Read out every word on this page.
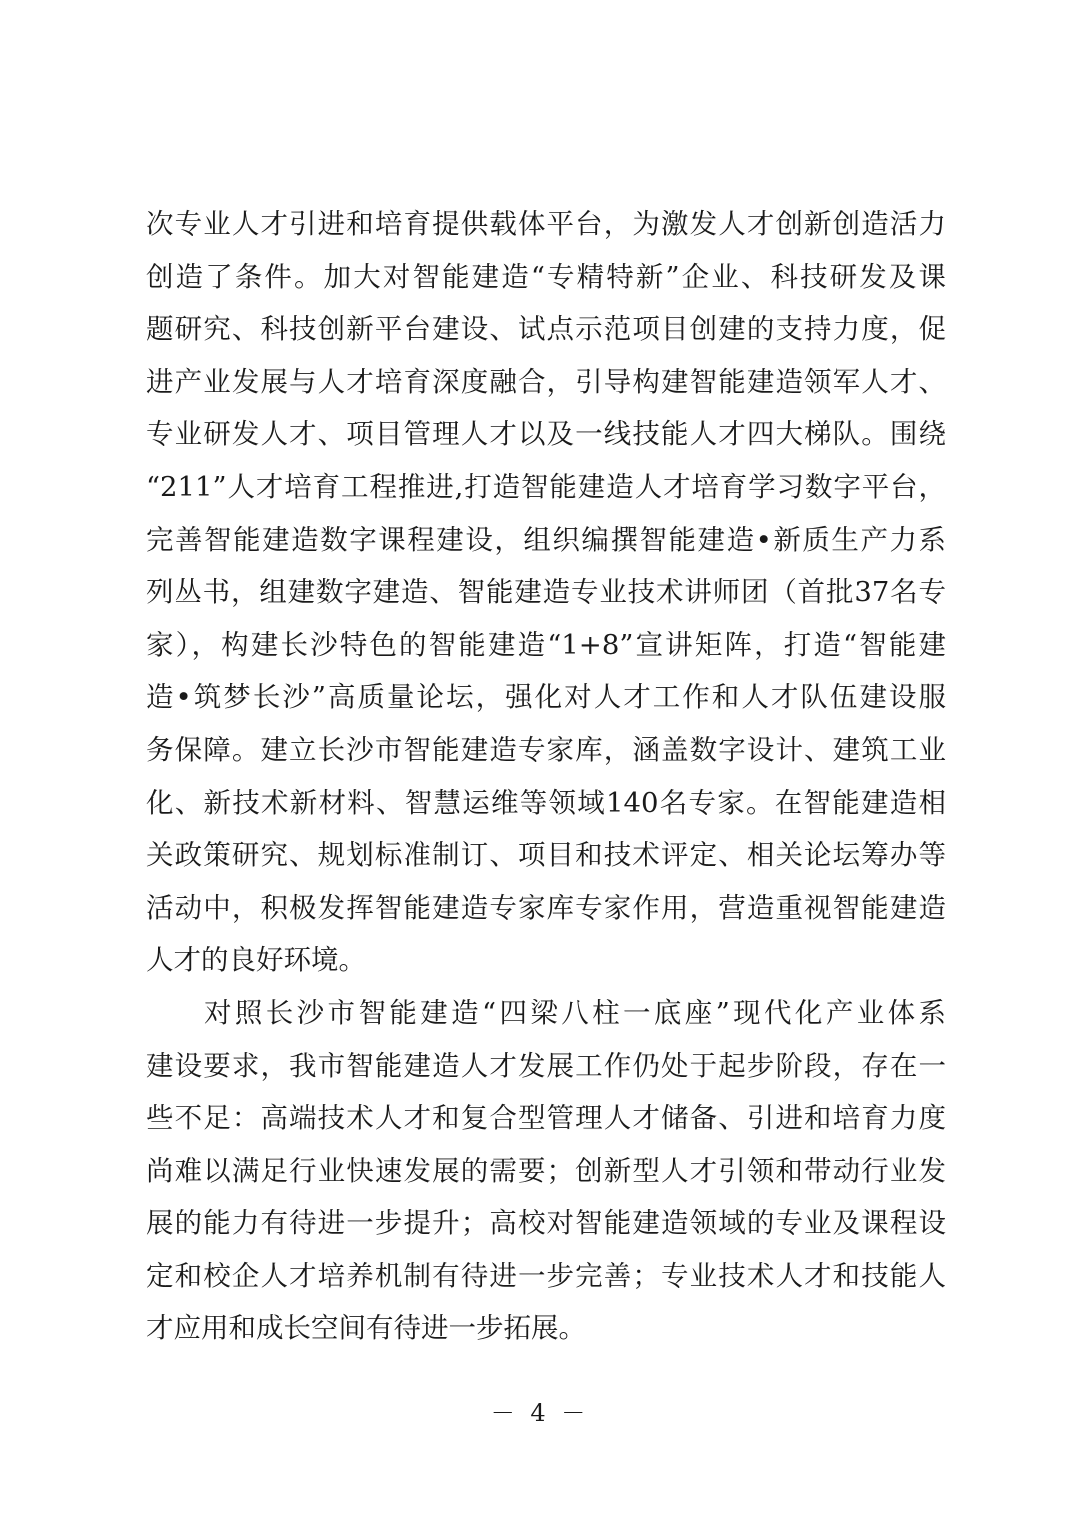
次专业人才引进和培育提供载体平台，为激发人才创新创造活力
创造了条件。加大对智能建造“专精特新”企业、科技研发及课
题研究、科技创新平台建设、试点示范项目创建的支持力度，促
进产业发展与人才培育深度融合，引导构建智能建造领军人才、
专业研发人才、项目管理人才以及一线技能人才四大梯队。围绕
“211”人才培育工程推进,打造智能建造人才培育学习数字平台，
完善智能建造数字课程建设，组织编撰智能建造•新质生产力系
列丛书，组建数字建造、智能建造专业技术讲师团（首批37名专
家），构建长沙特色的智能建造“1+8”宣讲矩阵，打造“智能建
造•筑梦长沙”高质量论坛，强化对人才工作和人才队伍建设服
务保障。建立长沙市智能建造专家库，涵盖数字设计、建筑工业
化、新技术新材料、智慧运维等领域140名专家。在智能建造相
关政策研究、规划标准制订、项目和技术评定、相关论坛筹办等
活动中，积极发挥智能建造专家库专家作用，营造重视智能建造
人才的良好环境。
对照长沙市智能建造“四梁八柱一底座”现代化产业体系
建设要求，我市智能建造人才发展工作仍处于起步阶段，存在一
些不足：高端技术人才和复合型管理人才储备、引进和培育力度
尚难以满足行业快速发展的需要；创新型人才引领和带动行业发
展的能力有待进一步提升；高校对智能建造领域的专业及课程设
定和校企人才培养机制有待进一步完善；专业技术人才和技能人
才应用和成长空间有待进一步拓展。
－ 4 －
